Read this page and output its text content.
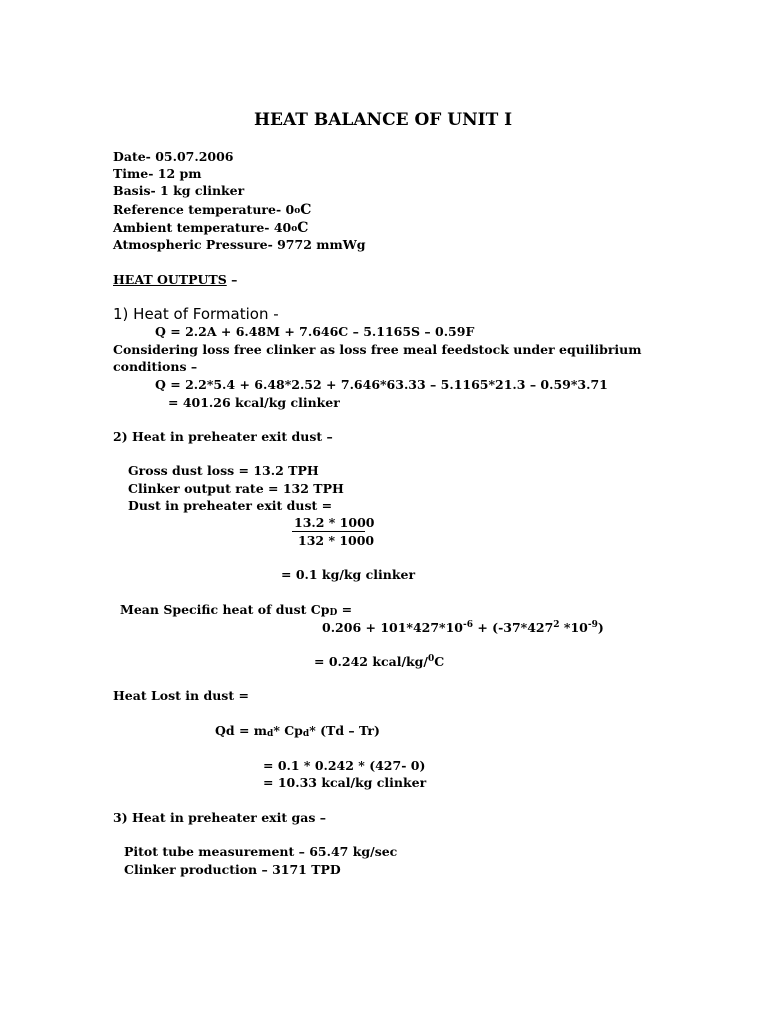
HEAT BALANCE OF UNIT I
Date- 05.07.2006
Time- 12 pm
Basis- 1 kg clinker
Reference temperature- 0oC
Ambient temperature- 40oC
Atmospheric Pressure- 9772 mmWg
HEAT OUTPUTS –
1) Heat of Formation -
Q = 2.2A + 6.48M + 7.646C – 5.1165S – 0.59F
Considering loss free clinker as loss free meal feedstock under equilibrium
conditions –
Q = 2.2*5.4 + 6.48*2.52 + 7.646*63.33 – 5.1165*21.3 – 0.59*3.71
= 401.26 kcal/kg clinker
2) Heat in preheater exit dust –
Gross dust loss = 13.2 TPH
Clinker output rate = 132 TPH
Dust in preheater exit dust =
13.2 * 1000
132 * 1000
= 0.1 kg/kg clinker
Mean Specific heat of dust CpD =
$0.206 + 101*427*10^{-6} + (-37*427^2$ $*10^{-9}$)
= 0.242 kcal/kg/$^0$C
Heat Lost in dust =
Qd = md* Cpd* (Td – Tr)
= 0.1 * 0.242 * (427- 0)
= 10.33 kcal/kg clinker
3) Heat in preheater exit gas –
Pitot tube measurement – 65.47 kg/sec
Clinker production – 3171 TPD
